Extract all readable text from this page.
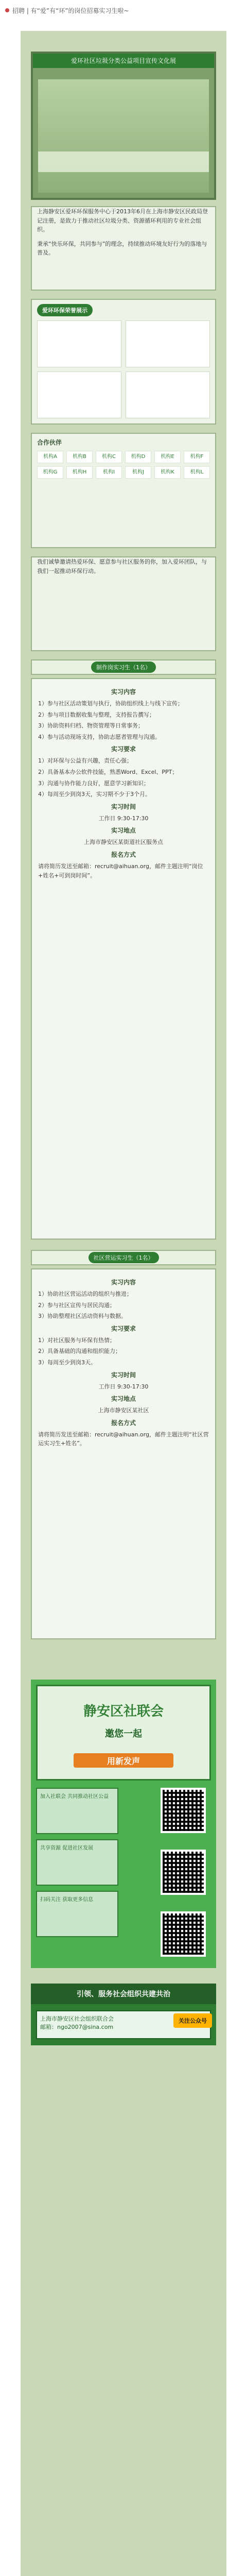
招聘 | 有“爱”有“环”的岗位招募实习生啦~
爱环社区垃圾分类公益项目宣传文化展
上海静安区爱环环保服务中心于2013年6月在上海市静安区民政局登记注册，是致力于推动社区垃圾分类、资源循环利用的专业社会组织。
秉承“快乐环保，共同参与”的理念，持续推动环境友好行为的落地与普及。
爱环环保荣誉展示
合作伙伴
机构A	机构B	机构C	机构D	机构E	机构F
机构G	机构H	机构I	机构J	机构K	机构L
我们诚挚邀请热爱环保、愿意参与社区服务的你，加入爱环团队，与我们一起推动环保行动。
制作岗实习生（1名）
实习内容

1）参与社区活动策划与执行，协助组织线上与线下宣传；

2）参与项目数据收集与整理，支持报告撰写；

3）协助资料归档、物资管理等日常事务；

4）参与活动现场支持，协助志愿者管理与沟通。

实习要求

1）对环保与公益有兴趣，责任心强；

2）具备基本办公软件技能，熟悉Word、Excel、PPT；

3）沟通与协作能力良好，愿意学习新知识；

4）每周至少到岗3天，实习期不少于3个月。

实习时间

工作日 9:30-17:30

实习地点

上海市静安区某街道社区服务点

报名方式

请将简历发送至邮箱：recruit@aihuan.org，邮件主题注明“岗位+姓名+可到岗时间”。

社区营运实习生（1名）
实习内容

1）协助社区营运活动的组织与推进；

2）参与社区宣传与居民沟通；

3）协助整理社区活动资料与数据。

实习要求

1）对社区服务与环保有热情；

2）具备基础的沟通和组织能力；

3）每周至少到岗3天。

实习时间

工作日 9:30-17:30

实习地点

上海市静安区某社区

报名方式

请将简历发送至邮箱：recruit@aihuan.org，邮件主题注明“社区营运实习生+姓名”。

静安区社联会
邀您一起
用新发声
加入社联会 共同推动社区公益
共享资源 促进社区发展
扫码关注 获取更多信息
引领、服务社会组织共建共治
上海市静安区社会组织联合会
邮箱：ngo2007@sina.com
关注公众号
